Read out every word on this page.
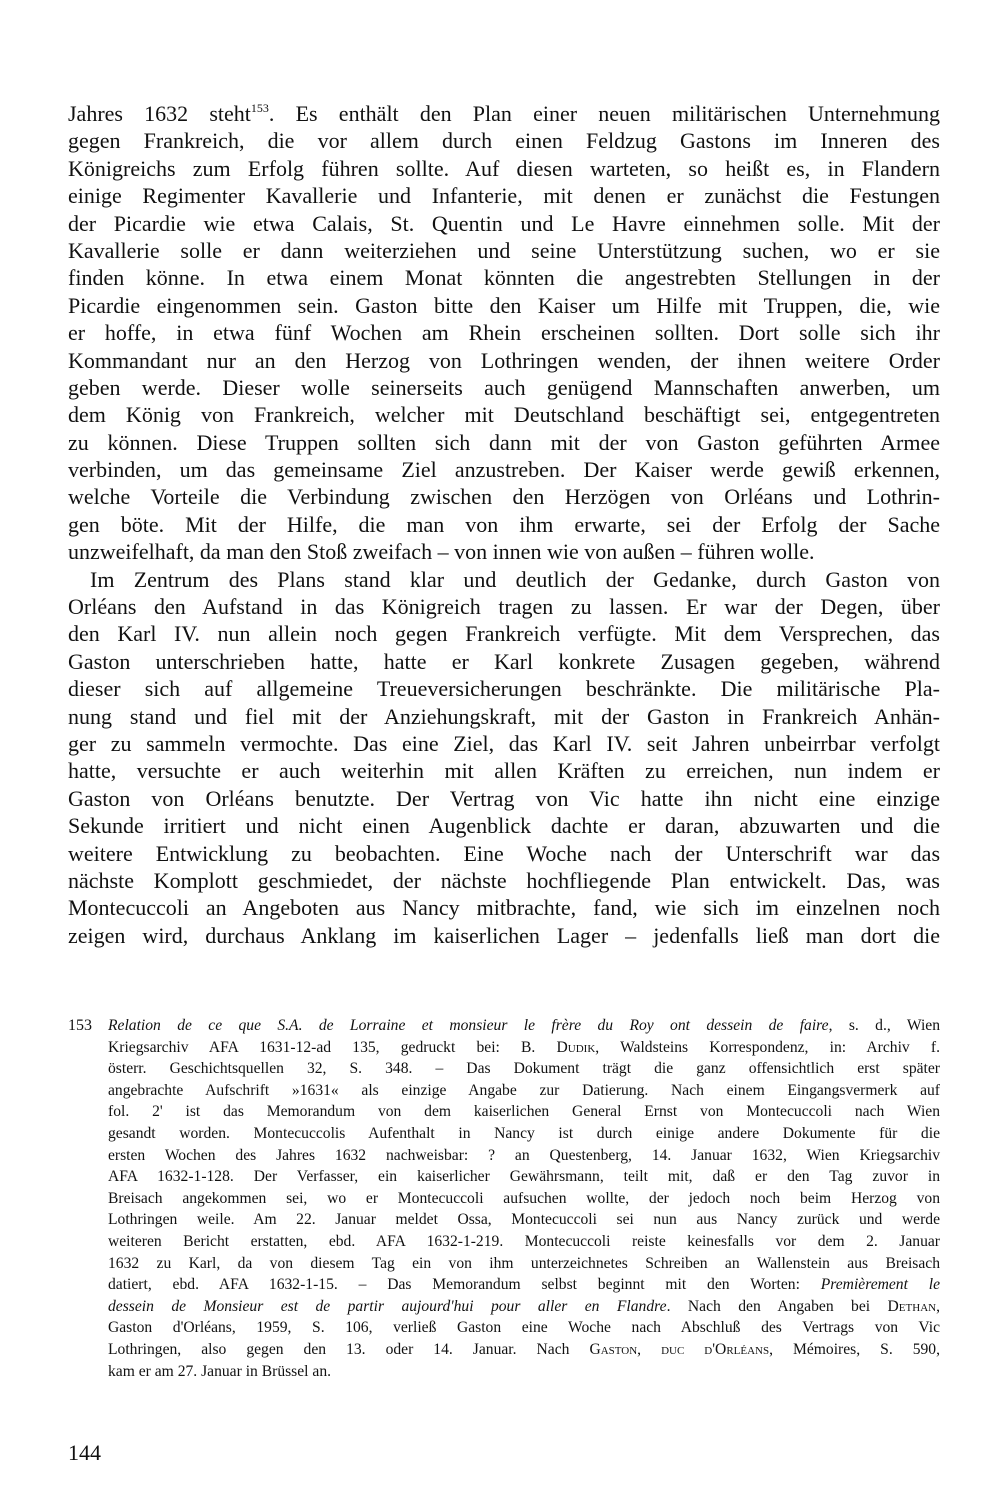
Jahres 1632 steht$^{153}$. Es enthält den Plan einer neuen militärischen Unternehmung
gegen Frankreich, die vor allem durch einen Feldzug Gastons im Inneren des
Königreichs zum Erfolg führen sollte. Auf diesen warteten, so heißt es, in Flandern
einige Regimenter Kavallerie und Infanterie, mit denen er zunächst die Festungen
der Picardie wie etwa Calais, St. Quentin und Le Havre einnehmen solle. Mit der
Kavallerie solle er dann weiterziehen und seine Unterstützung suchen, wo er sie
finden könne. In etwa einem Monat könnten die angestrebten Stellungen in der
Picardie eingenommen sein. Gaston bitte den Kaiser um Hilfe mit Truppen, die, wie
er hoffe, in etwa fünf Wochen am Rhein erscheinen sollten. Dort solle sich ihr
Kommandant nur an den Herzog von Lothringen wenden, der ihnen weitere Order
geben werde. Dieser wolle seinerseits auch genügend Mannschaften anwerben, um
dem König von Frankreich, welcher mit Deutschland beschäftigt sei, entgegentreten
zu können. Diese Truppen sollten sich dann mit der von Gaston geführten Armee
verbinden, um das gemeinsame Ziel anzustreben. Der Kaiser werde gewiß erkennen,
welche Vorteile die Verbindung zwischen den Herzögen von Orléans und Lothrin-
gen böte. Mit der Hilfe, die man von ihm erwarte, sei der Erfolg der Sache
unzweifelhaft, da man den Stoß zweifach – von innen wie von außen – führen wolle.
Im Zentrum des Plans stand klar und deutlich der Gedanke, durch Gaston von
Orléans den Aufstand in das Königreich tragen zu lassen. Er war der Degen, über
den Karl IV. nun allein noch gegen Frankreich verfügte. Mit dem Versprechen, das
Gaston unterschrieben hatte, hatte er Karl konkrete Zusagen gegeben, während
dieser sich auf allgemeine Treueversicherungen beschränkte. Die militärische Pla-
nung stand und fiel mit der Anziehungskraft, mit der Gaston in Frankreich Anhän-
ger zu sammeln vermochte. Das eine Ziel, das Karl IV. seit Jahren unbeirrbar verfolgt
hatte, versuchte er auch weiterhin mit allen Kräften zu erreichen, nun indem er
Gaston von Orléans benutzte. Der Vertrag von Vic hatte ihn nicht eine einzige
Sekunde irritiert und nicht einen Augenblick dachte er daran, abzuwarten und die
weitere Entwicklung zu beobachten. Eine Woche nach der Unterschrift war das
nächste Komplott geschmiedet, der nächste hochfliegende Plan entwickelt. Das, was
Montecuccoli an Angeboten aus Nancy mitbrachte, fand, wie sich im einzelnen noch
zeigen wird, durchaus Anklang im kaiserlichen Lager – jedenfalls ließ man dort die
153 Relation de ce que S.A. de Lorraine et monsieur le frère du Roy ont dessein de faire, s. d., Wien
Kriegsarchiv AFA 1631-12-ad 135, gedruckt bei: B. Dudik, Waldsteins Korrespondenz, in: Archiv f.
österr. Geschichtsquellen 32, S. 348. – Das Dokument trägt die ganz offensichtlich erst später
angebrachte Aufschrift »1631« als einzige Angabe zur Datierung. Nach einem Eingangsvermerk auf
fol. 2' ist das Memorandum von dem kaiserlichen General Ernst von Montecuccoli nach Wien
gesandt worden. Montecuccolis Aufenthalt in Nancy ist durch einige andere Dokumente für die
ersten Wochen des Jahres 1632 nachweisbar: ? an Questenberg, 14. Januar 1632, Wien Kriegsarchiv
AFA 1632-1-128. Der Verfasser, ein kaiserlicher Gewährsmann, teilt mit, daß er den Tag zuvor in
Breisach angekommen sei, wo er Montecuccoli aufsuchen wollte, der jedoch noch beim Herzog von
Lothringen weile. Am 22. Januar meldet Ossa, Montecuccoli sei nun aus Nancy zurück und werde
weiteren Bericht erstatten, ebd. AFA 1632-1-219. Montecuccoli reiste keinesfalls vor dem 2. Januar
1632 zu Karl, da von diesem Tag ein von ihm unterzeichnetes Schreiben an Wallenstein aus Breisach
datiert, ebd. AFA 1632-1-15. – Das Memorandum selbst beginnt mit den Worten: Premièrement le
dessein de Monsieur est de partir aujourd'hui pour aller en Flandre. Nach den Angaben bei Dethan,
Gaston d'Orléans, 1959, S. 106, verließ Gaston eine Woche nach Abschluß des Vertrags von Vic
Lothringen, also gegen den 13. oder 14. Januar. Nach Gaston, duc d'Orléans, Mémoires, S. 590,
kam er am 27. Januar in Brüssel an.
144
